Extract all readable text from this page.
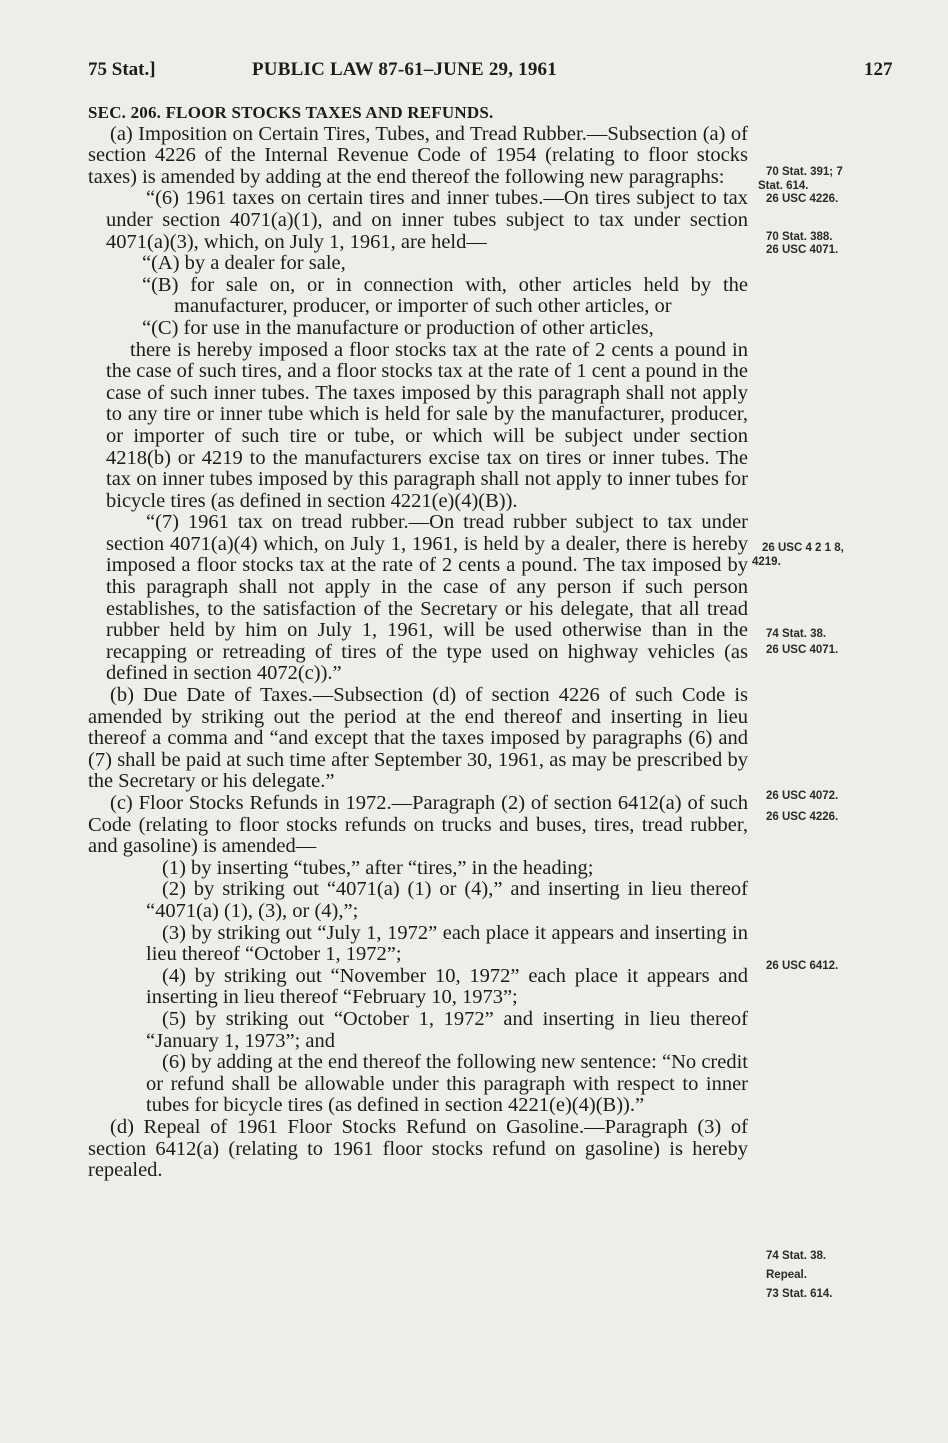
75 Stat.]	PUBLIC LAW 87-61–JUNE 29, 1961	127

SEC. 206. FLOOR STOCKS TAXES AND REFUNDS.

(a) Imposition on Certain Tires, Tubes, and Tread Rubber.—Subsection (a) of section 4226 of the Internal Revenue Code of 1954 (relating to floor stocks taxes) is amended by adding at the end thereof the following new paragraphs:

“(6) 1961 taxes on certain tires and inner tubes.—On tires subject to tax under section 4071(a)(1), and on inner tubes subject to tax under section 4071(a)(3), which, on July 1, 1961, are held—

“(A) by a dealer for sale,

“(B) for sale on, or in connection with, other articles held by the manufacturer, producer, or importer of such other articles, or

“(C) for use in the manufacture or production of other articles,

there is hereby imposed a floor stocks tax at the rate of 2 cents a pound in the case of such tires, and a floor stocks tax at the rate of 1 cent a pound in the case of such inner tubes. The taxes imposed by this paragraph shall not apply to any tire or inner tube which is held for sale by the manufacturer, producer, or importer of such tire or tube, or which will be subject under section 4218(b) or 4219 to the manufacturers excise tax on tires or inner tubes. The tax on inner tubes imposed by this paragraph shall not apply to inner tubes for bicycle tires (as defined in section 4221(e)(4)(B)).

“(7) 1961 tax on tread rubber.—On tread rubber subject to tax under section 4071(a)(4) which, on July 1, 1961, is held by a dealer, there is hereby imposed a floor stocks tax at the rate of 2 cents a pound. The tax imposed by this paragraph shall not apply in the case of any person if such person establishes, to the satisfaction of the Secretary or his delegate, that all tread rubber held by him on July 1, 1961, will be used otherwise than in the recapping or retreading of tires of the type used on highway vehicles (as defined in section 4072(c)).”

(b) Due Date of Taxes.—Subsection (d) of section 4226 of such Code is amended by striking out the period at the end thereof and inserting in lieu thereof a comma and “and except that the taxes imposed by paragraphs (6) and (7) shall be paid at such time after September 30, 1961, as may be prescribed by the Secretary or his delegate.”

(c) Floor Stocks Refunds in 1972.—Paragraph (2) of section 6412(a) of such Code (relating to floor stocks refunds on trucks and buses, tires, tread rubber, and gasoline) is amended—

(1) by inserting “tubes,” after “tires,” in the heading;

(2) by striking out “4071(a) (1) or (4),” and inserting in lieu thereof “4071(a) (1), (3), or (4),”;

(3) by striking out “July 1, 1972” each place it appears and inserting in lieu thereof “October 1, 1972”;

(4) by striking out “November 10, 1972” each place it appears and inserting in lieu thereof “February 10, 1973”;

(5) by striking out “October 1, 1972” and inserting in lieu thereof “January 1, 1973”; and

(6) by adding at the end thereof the following new sentence: “No credit or refund shall be allowable under this paragraph with respect to inner tubes for bicycle tires (as defined in section 4221(e)(4)(B)).”

(d) Repeal of 1961 Floor Stocks Refund on Gasoline.—Paragraph (3) of section 6412(a) (relating to 1961 floor stocks refund on gasoline) is hereby repealed.

70 Stat. 391; 7
Stat. 614.
26 USC 4226.
70 Stat. 388.
26 USC 4071.
26 USC 4 2 1 8,
4219.
74 Stat. 38.
26 USC 4071.
26 USC 4072.
26 USC 4226.
26 USC 6412.
74 Stat. 38.
Repeal.
73 Stat. 614.
